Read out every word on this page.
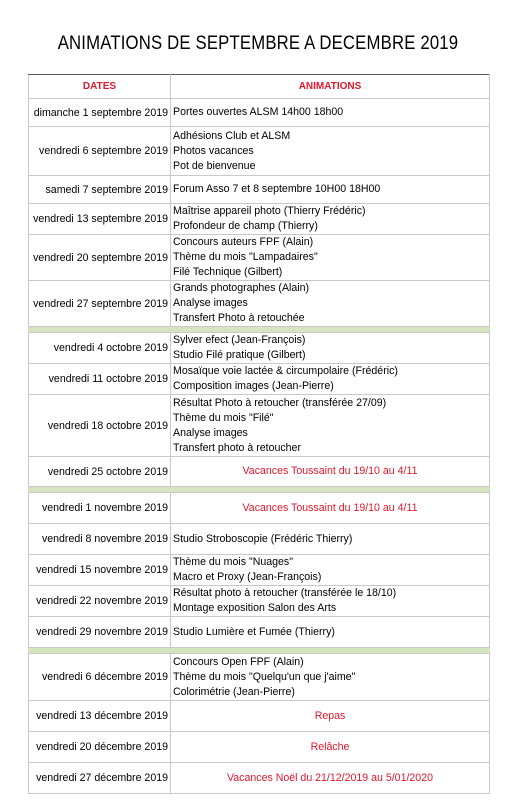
ANIMATIONS DE SEPTEMBRE A DECEMBRE 2019
DATES	ANIMATIONS
dimanche 1 septembre 2019	Portes ouvertes ALSM 14h00 18h00

vendredi 6 septembre 2019	Adhésions Club et ALSM
Photos vacances
Pot de bienvenue

samedi 7 septembre 2019	Forum Asso 7 et 8 septembre 10H00 18H00

vendredi 13 septembre 2019	Maîtrise appareil photo (Thierry Frédéric)
Profondeur de champ (Thierry)

vendredi 20 septembre 2019	Concours auteurs FPF (Alain)
Thème du mois "Lampadaires"
Filé Technique (Gilbert)

vendredi 27 septembre 2019	Grands photographes (Alain)
Analyse images
Transfert Photo à retouchée

vendredi 4 octobre 2019	Sylver efect (Jean-François)
Studio Filé pratique (Gilbert)

vendredi 11 octobre 2019	Mosaïque voie lactée & circumpolaire (Frédéric)
Composition images (Jean-Pierre)

vendredi 18 octobre 2019	Résultat Photo à retoucher (transférée 27/09)
Thème du mois "Filé"
Analyse images
Transfert photo à retoucher

vendredi 25 octobre 2019	Vacances Toussaint du 19/10 au 4/11

vendredi 1 novembre 2019	Vacances Toussaint du 19/10 au 4/11

vendredi 8 novembre 2019	Studio Stroboscopie (Frédéric Thierry)

vendredi 15 novembre 2019	Thème du mois "Nuages"
Macro et Proxy (Jean-François)

vendredi 22 novembre 2019	Résultat photo à retoucher (transférée le 18/10)
Montage exposition Salon des Arts

vendredi 29 novembre 2019	Studio Lumière et Fumée (Thierry)

vendredi 6 décembre 2019	Concours Open FPF (Alain)
Thème du mois "Quelqu'un que j'aime"
Colorimétrie (Jean-Pierre)

vendredi 13 décembre 2019	Repas

vendredi 20 décembre 2019	Relâche

vendredi 27 décembre 2019	Vacances Noël du 21/12/2019 au 5/01/2020
